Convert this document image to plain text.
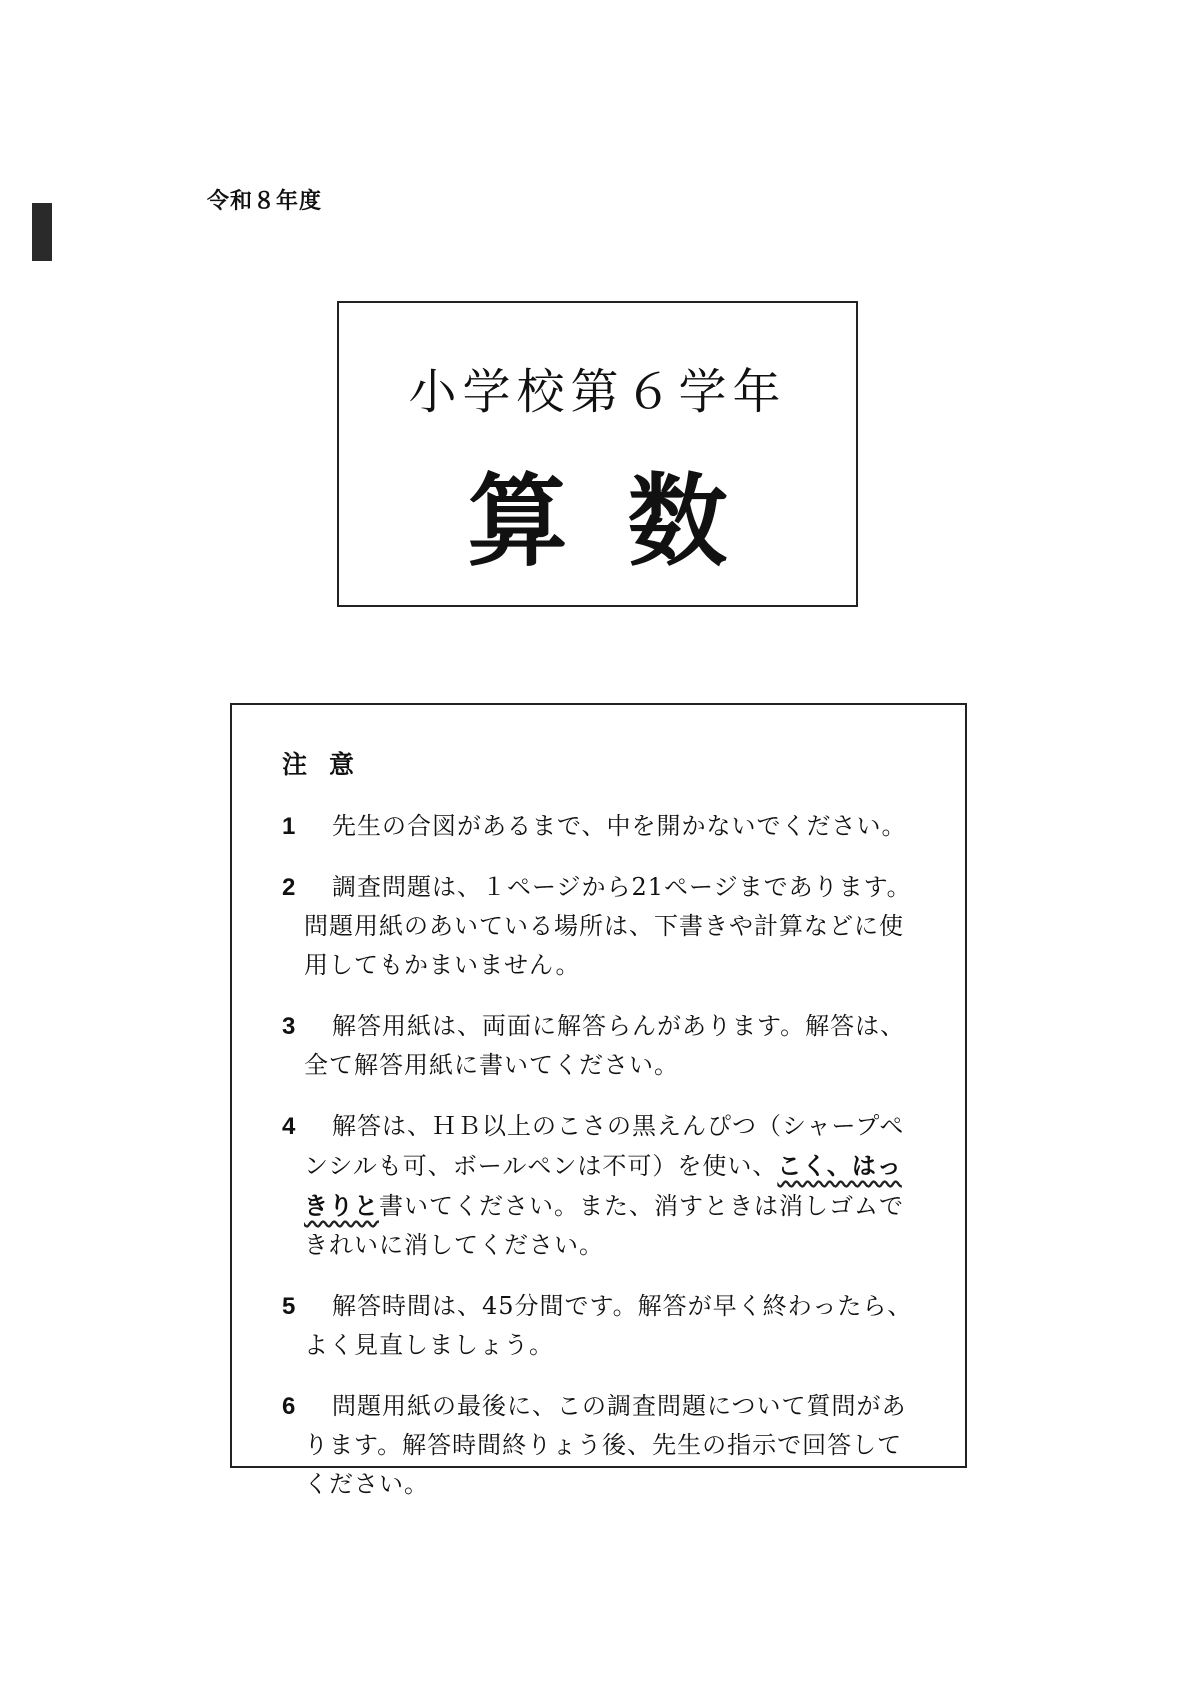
令和８年度
小学校第６学年
算数
注意
1	先生の合図があるまで、中を開かないでください。
2	調査問題は、１ページから21ページまであります。問題用紙のあいている場所は、下書きや計算などに使用してもかまいません。
3	解答用紙は、両面に解答らんがあります。解答は、全て解答用紙に書いてください。
4	解答は、ＨＢ以上のこさの黒えんぴつ（シャープペンシルも可、ボールペンは不可）を使い、こく、はっきりと書いてください。また、消すときは消しゴムできれいに消してください。
5	解答時間は、45分間です。解答が早く終わったら、よく見直しましょう。
6	問題用紙の最後に、この調査問題について質問があります。解答時間終りょう後、先生の指示で回答してください。
